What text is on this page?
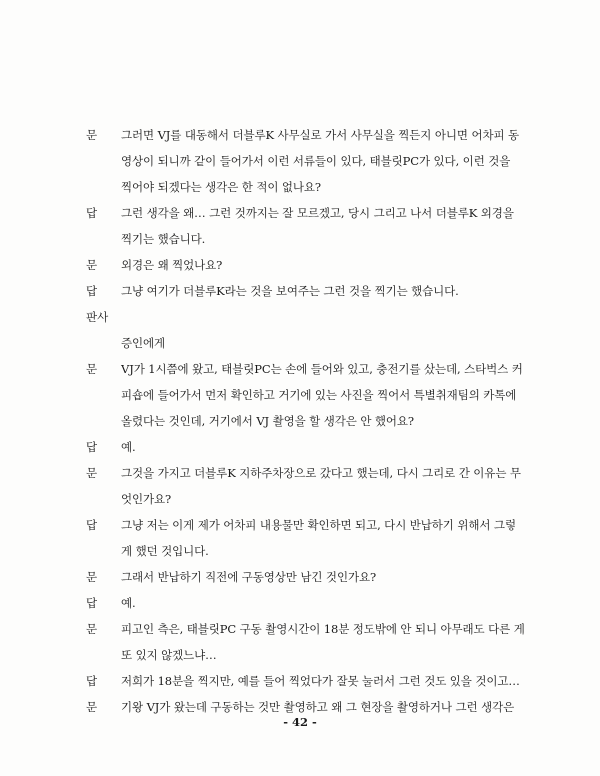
문	그러면 VJ를 대동해서 더블루K 사무실로 가서 사무실을 찍든지 아니면 어차피 동
영상이 되니까 같이 들어가서 이런 서류들이 있다, 태블릿PC가 있다, 이런 것을
찍어야 되겠다는 생각은 한 적이 없나요?
답	그런 생각을 왜… 그런 것까지는 잘 모르겠고, 당시 그리고 나서 더블루K 외경을
찍기는 했습니다.
문	외경은 왜 찍었나요?
답	그냥 여기가 더블루K라는 것을 보여주는 그런 것을 찍기는 했습니다.
판사
증인에게
문	VJ가 1시쯤에 왔고, 태블릿PC는 손에 들어와 있고, 충전기를 샀는데, 스타벅스 커
피숍에 들어가서 먼저 확인하고 거기에 있는 사진을 찍어서 특별취재팀의 카톡에
올렸다는 것인데, 거기에서 VJ 촬영을 할 생각은 안 했어요?
답	예.
문	그것을 가지고 더블루K 지하주차장으로 갔다고 했는데, 다시 그리로 간 이유는 무
엇인가요?
답	그냥 저는 이게 제가 어차피 내용물만 확인하면 되고, 다시 반납하기 위해서 그렇
게 했던 것입니다.
문	그래서 반납하기 직전에 구동영상만 남긴 것인가요?
답	예.
문	피고인 측은, 태블릿PC 구동 촬영시간이 18분 정도밖에 안 되니 아무래도 다른 게
또 있지 않겠느냐…
답	저희가 18분을 찍지만, 예를 들어 찍었다가 잘못 눌러서 그런 것도 있을 것이고…
문	기왕 VJ가 왔는데 구동하는 것만 촬영하고 왜 그 현장을 촬영하거나 그런 생각은
- 42 -
